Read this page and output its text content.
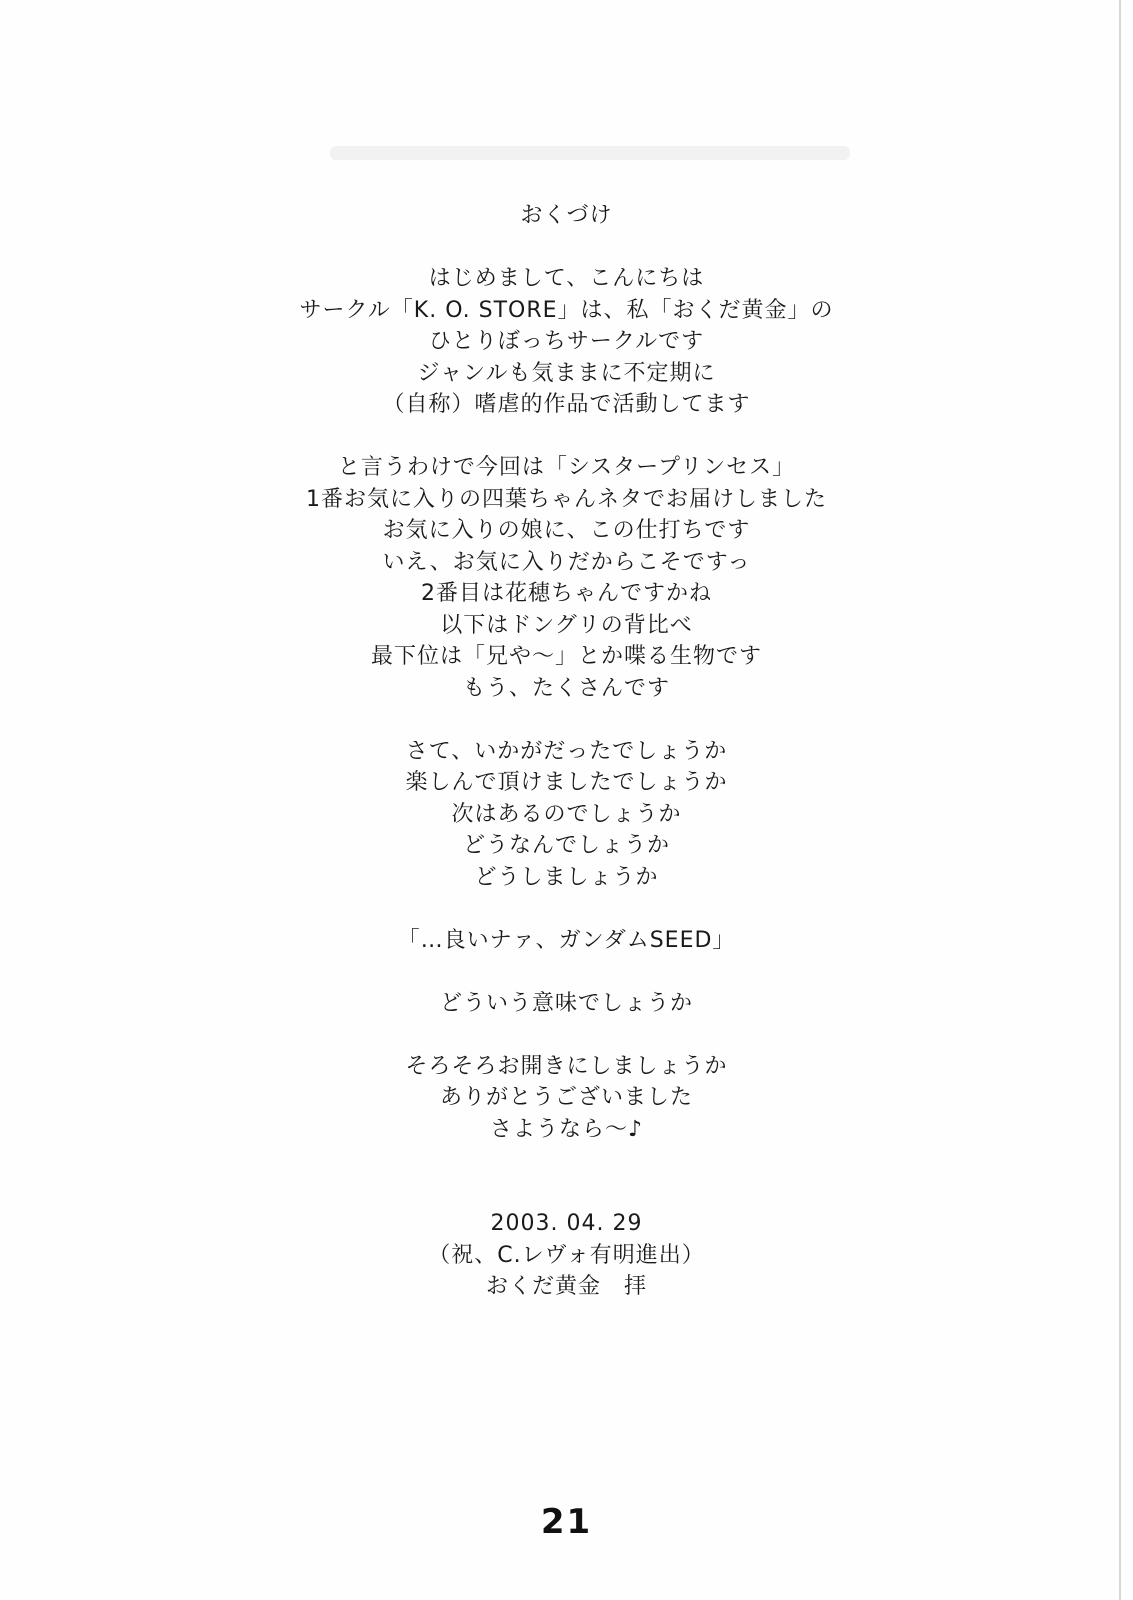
おくづけ
はじめまして、こんにちは
サークル「K. O. STORE」は、私「おくだ黄金」の
ひとりぼっちサークルです
ジャンルも気ままに不定期に
（自称）嗜虐的作品で活動してます
と言うわけで今回は「シスタープリンセス」
1番お気に入りの四葉ちゃんネタでお届けしました
お気に入りの娘に、この仕打ちです
いえ、お気に入りだからこそですっ
2番目は花穂ちゃんですかね
以下はドングリの背比べ
最下位は「兄や～」とか喋る生物です
もう、たくさんです
さて、いかがだったでしょうか
楽しんで頂けましたでしょうか
次はあるのでしょうか
どうなんでしょうか
どうしましょうか
「…良いナァ、ガンダムSEED」
どういう意味でしょうか
そろそろお開きにしましょうか
ありがとうございました
さようなら～♪
2003. 04. 29
（祝、C.レヴォ有明進出）
おくだ黄金　拝
21
